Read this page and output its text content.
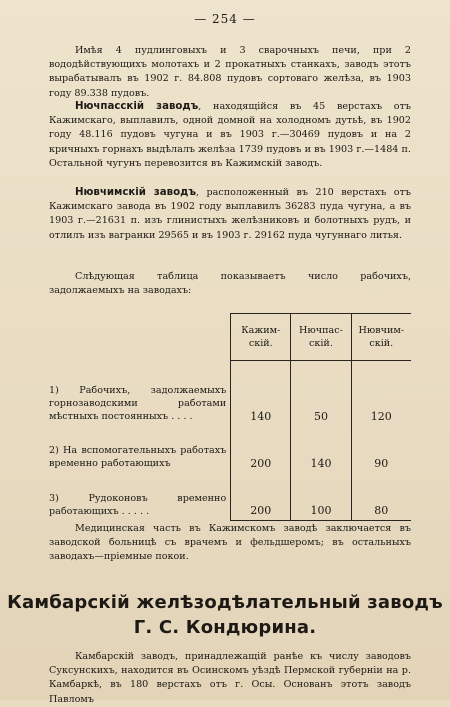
— 254 —

Имѣя 4 пудлинговыхъ и 3 сварочныхъ печи, при 2 вододѣйствующихъ молотахъ и 2 прокатныхъ станкахъ, заводъ этотъ вырабатывалъ въ 1902 г. 84.808 пудовъ сортоваго желѣза, въ 1903 году 89.338 пудовъ.

Нючпасскій заводъ, находящійся въ 45 верстахъ отъ Кажимскаго, выплавилъ, одной домной на холодномъ дутьѣ, въ 1902 году 48.116 пудовъ чугуна и въ 1903 г.—30469 пудовъ и на 2 кричныхъ горнахъ выдѣлалъ желѣза 1739 пудовъ и въ 1903 г.—1484 п. Остальной чугунъ перевозится въ Кажимскій заводъ.

Нювчимскій заводъ, расположенный въ 210 верстахъ отъ Кажимскаго завода въ 1902 году выплавилъ 36283 пуда чугуна, а въ 1903 г.—21631 п. изъ глинистыхъ желѣзниковъ и болотныхъ рудъ, и отлилъ изъ вагранки 29565 и въ 1903 г. 29162 пуда чугуннаго литья.

Слѣдующая таблица показываетъ число рабочихъ, задолжаемыхъ на заводахъ:

	Кажим-скій.	Нючпас-скій.	Нювчим-скій.

1) Рабочихъ, задолжаемыхъ горнозаводскими работами мѣстныхъ постоянныхъ . . . .	140	50	120
2) На вспомогательныхъ работахъ временно работающихъ	200	140	90
3) Рудоконовъ временно работающихъ . . . . .	200	100	80

Медицинская часть въ Кажимскомъ заводѣ заключается въ заводской больницѣ съ врачемъ и фельдшеромъ; въ остальныхъ заводахъ—пріемные покои.

Камбарскій желѣзодѣлательный заводъ
Г. С. Кондюрина.

Камбарскій заводъ, принадлежащій ранѣе къ числу заводовъ Суксунскихъ, находится въ Осинскомъ уѣздѣ Пермской губерніи на р. Камбаркѣ, въ 180 верстахъ отъ г. Осы. Основанъ этотъ заводъ Павломъ
